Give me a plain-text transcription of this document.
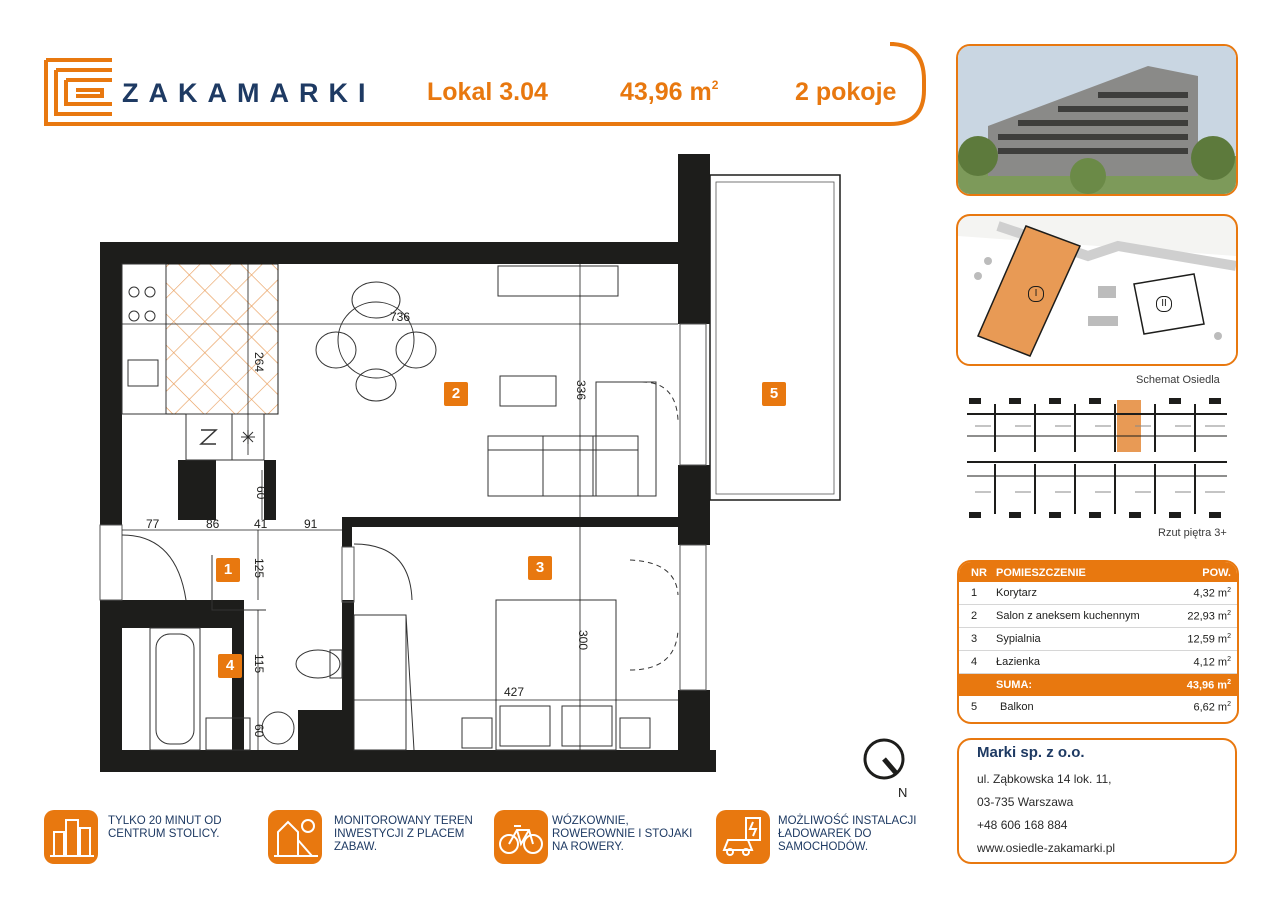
ZAKAMARKI Lokal 3.04	43,96 $m^2$	2 pokoje
736
264
336
60
77	86	41	91
125
300
115
427
60
1
2
3
4
5
N
I
II
Schemat Osiedla
Rzut piętra 3+
NR POMIESZCZENIE	POW.
1 Korytarz	4,32 $m^2$
2 Salon z aneksem kuchennym	22,93 $m^2$
3 Sypialnia	12,59 $m^2$
4 Łazienka	4,12 $m^2$
SUMA:	43,96 $m^2$
5 Balkon	6,62 $m^2$
Marki sp. z o.o.
ul. Ząbkowska 14 lok. 11,
03-735 Warszawa
+48 606 168 884
www.osiedle-zakamarki.pl
TYLKO 20 MINUT OD
CENTRUM STOLICY.
MONITOROWANY TEREN
INWESTYCJI Z PLACEM
ZABAW.
WÓZKOWNIE,
ROWEROWNIE I STOJAKI
NA ROWERY.
MOŻLIWOŚĆ INSTALACJI
ŁADOWAREK DO
SAMOCHODÓW.
